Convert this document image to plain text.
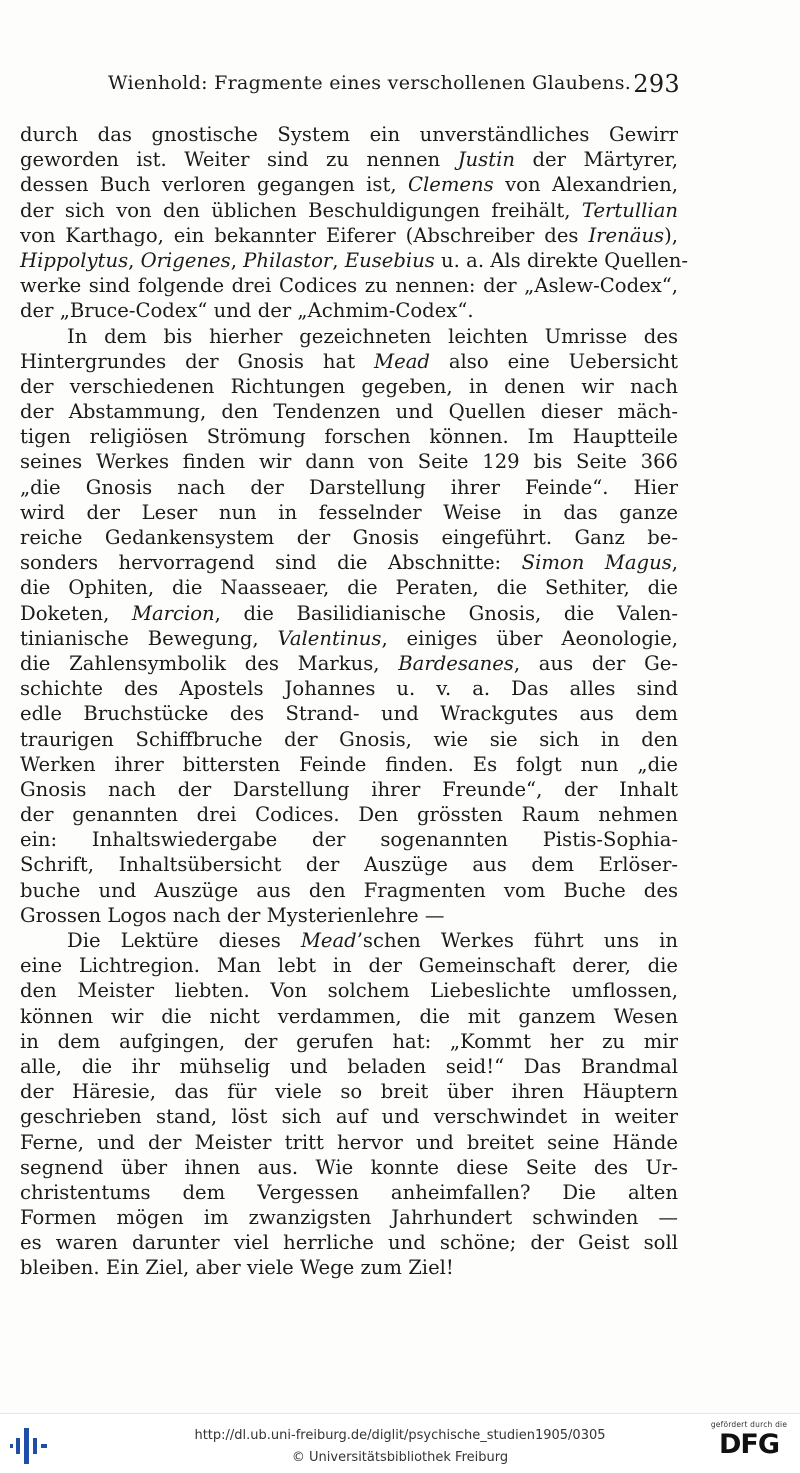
Wienhold: Fragmente eines verschollenen Glaubens. 293
durch das gnostische System ein unverständliches Gewirr
geworden ist. Weiter sind zu nennen Justin der Märtyrer,
dessen Buch verloren gegangen ist, Clemens von Alexandrien,
der sich von den üblichen Beschuldigungen freihält, Tertullian
von Karthago, ein bekannter Eiferer (Abschreiber des Irenäus),
Hippolytus, Origenes, Philastor, Eusebius u. a. Als direkte Quellen-
werke sind folgende drei Codices zu nennen: der „Aslew-Codex“,
der „Bruce-Codex“ und der „Achmim-Codex“.
In dem bis hierher gezeichneten leichten Umrisse des
Hintergrundes der Gnosis hat Mead also eine Uebersicht
der verschiedenen Richtungen gegeben, in denen wir nach
der Abstammung, den Tendenzen und Quellen dieser mäch-
tigen religiösen Strömung forschen können. Im Hauptteile
seines Werkes finden wir dann von Seite 129 bis Seite 366
„die Gnosis nach der Darstellung ihrer Feinde“. Hier
wird der Leser nun in fesselnder Weise in das ganze
reiche Gedankensystem der Gnosis eingeführt. Ganz be-
sonders hervorragend sind die Abschnitte: Simon Magus,
die Ophiten, die Naasseaer, die Peraten, die Sethiter, die
Doketen, Marcion, die Basilidianische Gnosis, die Valen-
tinianische Bewegung, Valentinus, einiges über Aeonologie,
die Zahlensymbolik des Markus, Bardesanes, aus der Ge-
schichte des Apostels Johannes u. v. a. Das alles sind
edle Bruchstücke des Strand- und Wrackgutes aus dem
traurigen Schiffbruche der Gnosis, wie sie sich in den
Werken ihrer bittersten Feinde finden. Es folgt nun „die
Gnosis nach der Darstellung ihrer Freunde“, der Inhalt
der genannten drei Codices. Den grössten Raum nehmen
ein: Inhaltswiedergabe der sogenannten Pistis-Sophia-
Schrift, Inhaltsübersicht der Auszüge aus dem Erlöser-
buche und Auszüge aus den Fragmenten vom Buche des
Grossen Logos nach der Mysterienlehre —
Die Lektüre dieses Mead’schen Werkes führt uns in
eine Lichtregion. Man lebt in der Gemeinschaft derer, die
den Meister liebten. Von solchem Liebeslichte umflossen,
können wir die nicht verdammen, die mit ganzem Wesen
in dem aufgingen, der gerufen hat: „Kommt her zu mir
alle, die ihr mühselig und beladen seid!“ Das Brandmal
der Häresie, das für viele so breit über ihren Häuptern
geschrieben stand, löst sich auf und verschwindet in weiter
Ferne, und der Meister tritt hervor und breitet seine Hände
segnend über ihnen aus. Wie konnte diese Seite des Ur-
christentums dem Vergessen anheimfallen? Die alten
Formen mögen im zwanzigsten Jahrhundert schwinden —
es waren darunter viel herrliche und schöne; der Geist soll
bleiben. Ein Ziel, aber viele Wege zum Ziel!
http://dl.ub.uni-freiburg.de/diglit/psychische_studien1905/0305
© Universitätsbibliothek Freiburg
gefördert durch die
DFG
